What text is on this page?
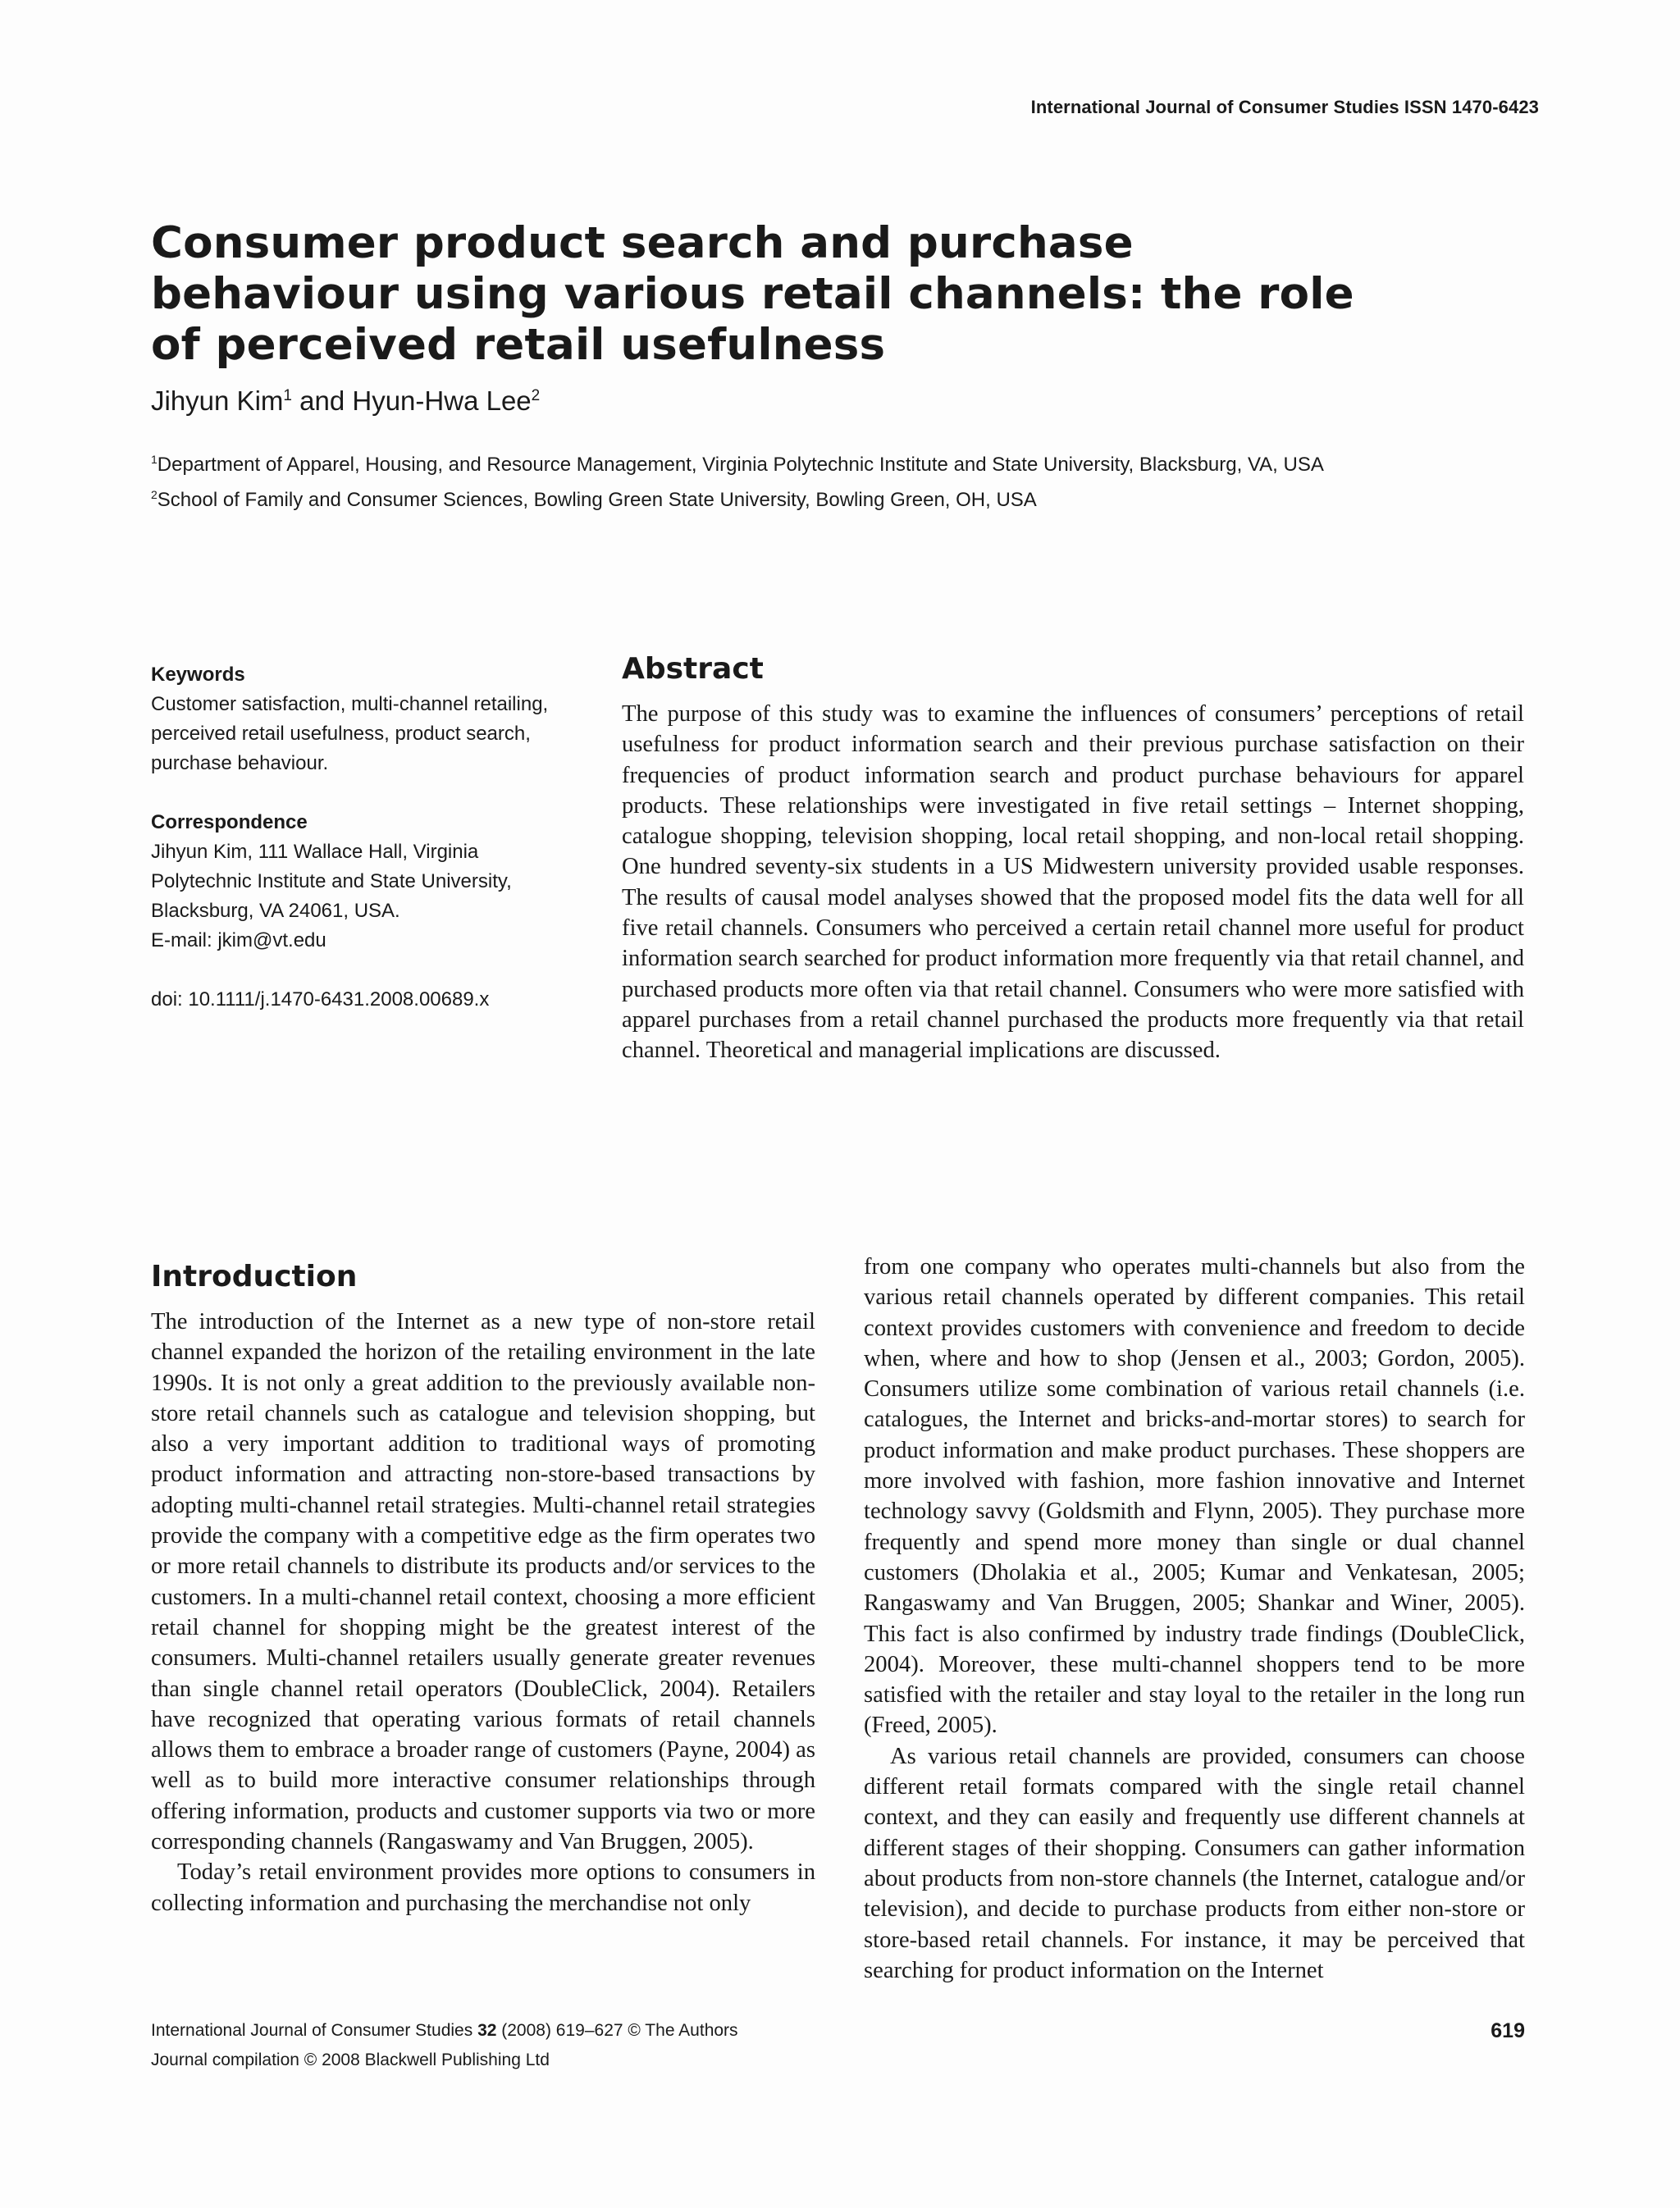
International Journal of Consumer Studies ISSN 1470-6423
Consumer product search and purchase behaviour using various retail channels: the role of perceived retail usefulness
Jihyun Kim$^1$ and Hyun-Hwa Lee$^2$
$^1$Department of Apparel, Housing, and Resource Management, Virginia Polytechnic Institute and State University, Blacksburg, VA, USA
$^2$School of Family and Consumer Sciences, Bowling Green State University, Bowling Green, OH, USA
Keywords
Customer satisfaction, multi-channel retailing, perceived retail usefulness, product search, purchase behaviour.
Correspondence
Jihyun Kim, 111 Wallace Hall, Virginia
Polytechnic Institute and State University,
Blacksburg, VA 24061, USA.
E-mail: jkim@vt.edu
doi: 10.1111/j.1470-6431.2008.00689.x
Abstract

The purpose of this study was to examine the influences of consumers’ perceptions of retail usefulness for product information search and their previous purchase satisfaction on their frequencies of product information search and product purchase behaviours for apparel products. These relationships were investigated in five retail settings – Internet shopping, catalogue shopping, television shopping, local retail shopping, and non-local retail shopping. One hundred seventy-six students in a US Midwestern university provided usable responses. The results of causal model analyses showed that the proposed model fits the data well for all five retail channels. Consumers who perceived a certain retail channel more useful for product information search searched for product information more frequently via that retail channel, and purchased products more often via that retail channel. Consumers who were more satisfied with apparel purchases from a retail channel purchased the products more frequently via that retail channel. Theoretical and managerial implications are discussed.

Introduction

The introduction of the Internet as a new type of non-store retail channel expanded the horizon of the retailing environment in the late 1990s. It is not only a great addition to the previously available non-store retail channels such as catalogue and television shopping, but also a very important addition to traditional ways of promoting product information and attracting non-store-based transactions by adopting multi-channel retail strategies. Multi-channel retail strategies provide the company with a competitive edge as the firm operates two or more retail channels to distribute its products and/or services to the customers. In a multi-channel retail context, choosing a more efficient retail channel for shopping might be the greatest interest of the consumers. Multi-channel retailers usually generate greater revenues than single channel retail operators (DoubleClick, 2004). Retailers have recognized that operating various formats of retail channels allows them to embrace a broader range of customers (Payne, 2004) as well as to build more interactive consumer relationships through offering information, products and customer supports via two or more corresponding channels (Rangaswamy and Van Bruggen, 2005).

Today’s retail environment provides more options to consumers in collecting information and purchasing the merchandise not only

from one company who operates multi-channels but also from the various retail channels operated by different companies. This retail context provides customers with convenience and freedom to decide when, where and how to shop (Jensen et al., 2003; Gordon, 2005). Consumers utilize some combination of various retail channels (i.e. catalogues, the Internet and bricks-and-mortar stores) to search for product information and make product purchases. These shoppers are more involved with fashion, more fashion innovative and Internet technology savvy (Goldsmith and Flynn, 2005). They purchase more frequently and spend more money than single or dual channel customers (Dholakia et al., 2005; Kumar and Venkatesan, 2005; Rangaswamy and Van Bruggen, 2005; Shankar and Winer, 2005). This fact is also confirmed by industry trade findings (DoubleClick, 2004). Moreover, these multi-channel shoppers tend to be more satisfied with the retailer and stay loyal to the retailer in the long run (Freed, 2005).

As various retail channels are provided, consumers can choose different retail formats compared with the single retail channel context, and they can easily and frequently use different channels at different stages of their shopping. Consumers can gather information about products from non-store channels (the Internet, catalogue and/or television), and decide to purchase products from either non-store or store-based retail channels. For instance, it may be perceived that searching for product information on the Internet

International Journal of Consumer Studies 32 (2008) 619–627 © The Authors
Journal compilation © 2008 Blackwell Publishing Ltd
619
